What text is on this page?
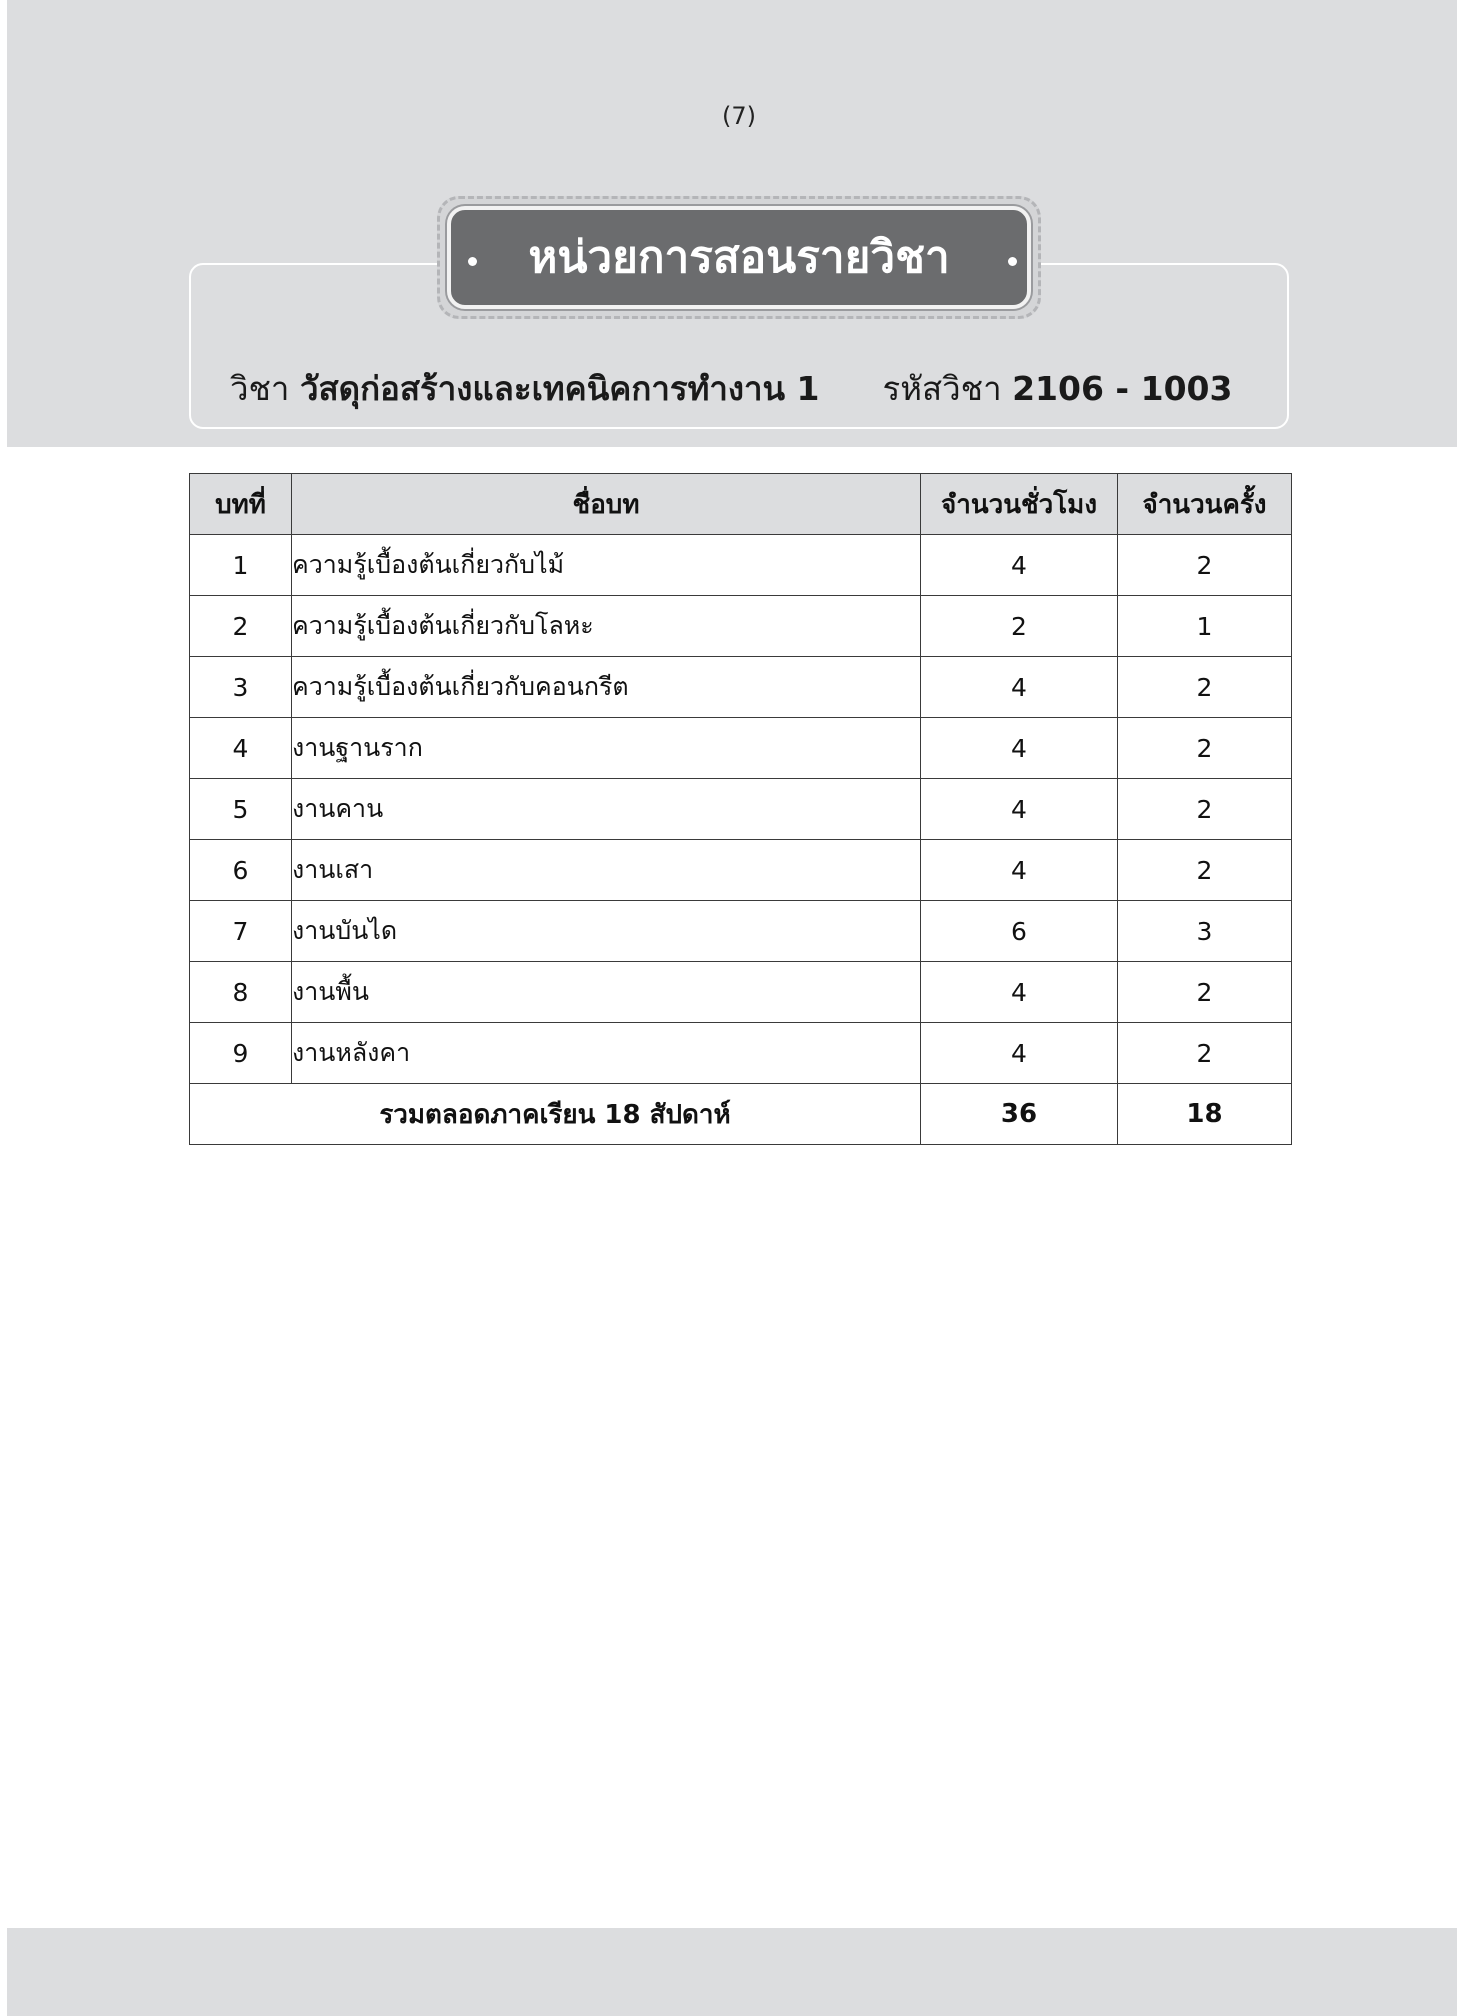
(7)
หน่วยการสอนรายวิชา
วิชา วัสดุก่อสร้างและเทคนิคการทำงาน 1 รหัสวิชา 2106 - 1003
บทที่	ชื่อบท	จำนวนชั่วโมง	จำนวนครั้ง
1	ความรู้เบื้องต้นเกี่ยวกับไม้	4	2
2	ความรู้เบื้องต้นเกี่ยวกับโลหะ	2	1
3	ความรู้เบื้องต้นเกี่ยวกับคอนกรีต	4	2
4	งานฐานราก	4	2
5	งานคาน	4	2
6	งานเสา	4	2
7	งานบันได	6	3
8	งานพื้น	4	2
9	งานหลังคา	4	2
รวมตลอดภาคเรียน 18 สัปดาห์		36	18
